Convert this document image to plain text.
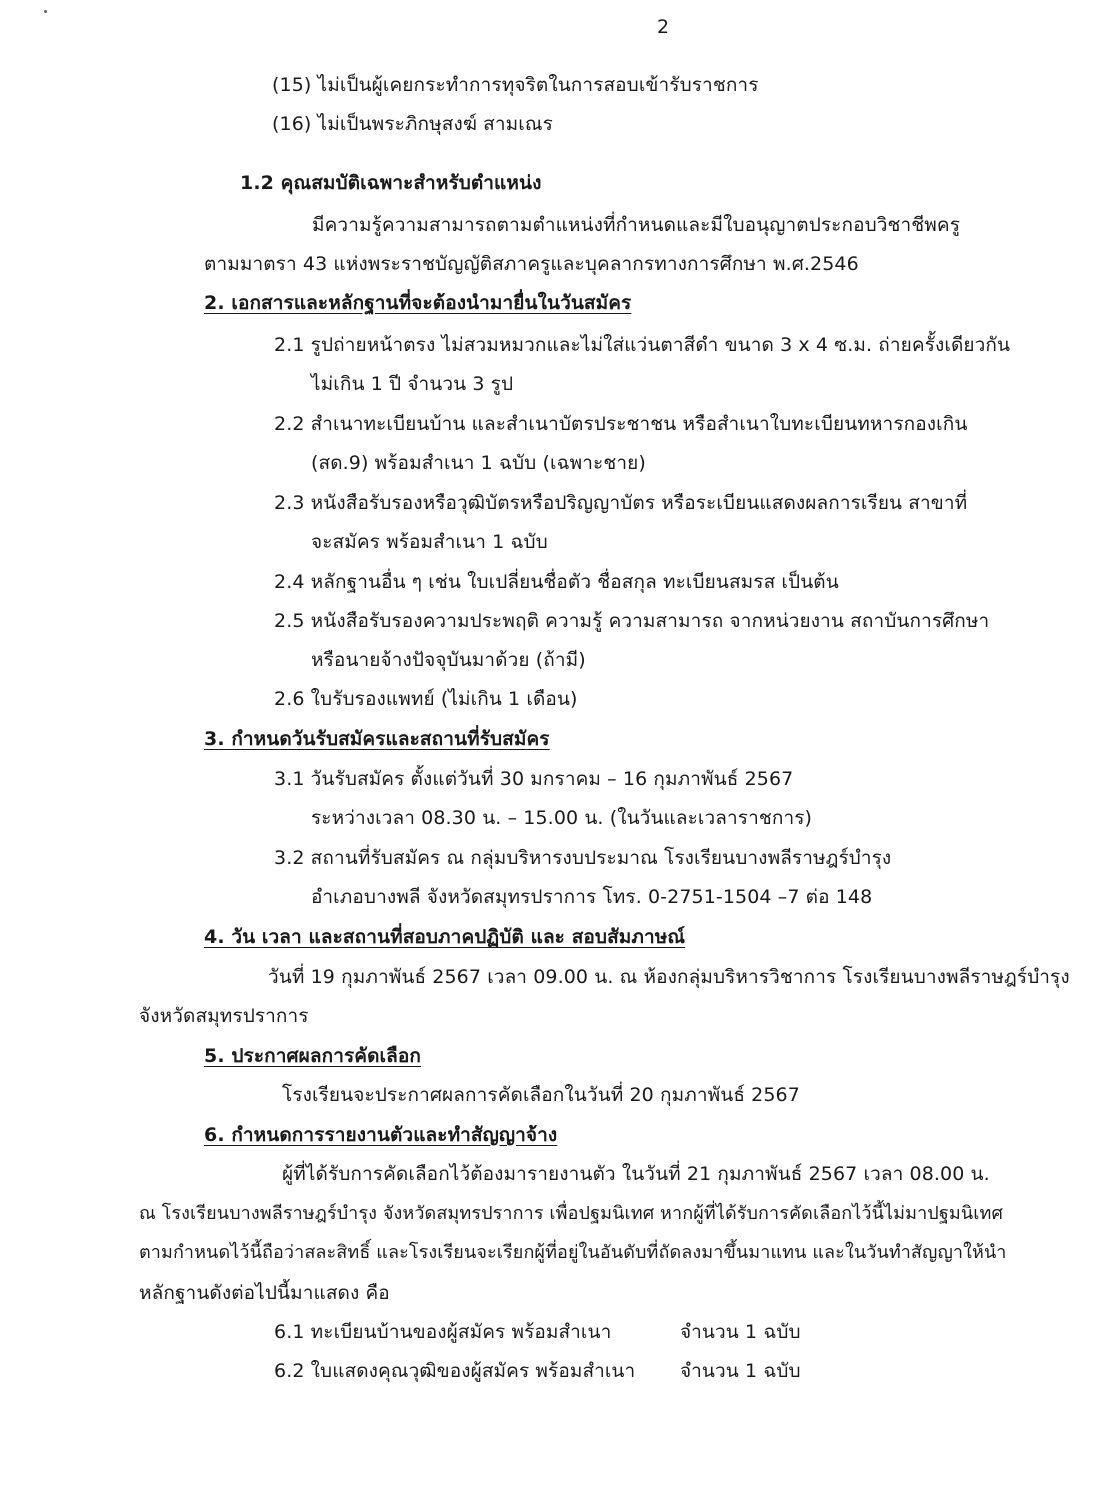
2
(15) ไม่เป็นผู้เคยกระทำการทุจริตในการสอบเข้ารับราชการ
(16) ไม่เป็นพระภิกษุสงฆ์ สามเณร
1.2 คุณสมบัติเฉพาะสำหรับตำแหน่ง
มีความรู้ความสามารถตามตำแหน่งที่กำหนดและมีใบอนุญาตประกอบวิชาชีพครู
ตามมาตรา 43 แห่งพระราชบัญญัติสภาครูและบุคลากรทางการศึกษา พ.ศ.2546
2. เอกสารและหลักฐานที่จะต้องนำมายื่นในวันสมัคร
2.1 รูปถ่ายหน้าตรง ไม่สวมหมวกและไม่ใส่แว่นตาสีดำ ขนาด 3 x 4 ซ.ม. ถ่ายครั้งเดียวกัน
ไม่เกิน 1 ปี จำนวน 3 รูป
2.2 สำเนาทะเบียนบ้าน และสำเนาบัตรประชาชน หรือสำเนาใบทะเบียนทหารกองเกิน
(สด.9) พร้อมสำเนา 1 ฉบับ (เฉพาะชาย)
2.3 หนังสือรับรองหรือวุฒิบัตรหรือปริญญาบัตร หรือระเบียนแสดงผลการเรียน สาขาที่
จะสมัคร พร้อมสำเนา 1 ฉบับ
2.4 หลักฐานอื่น ๆ เช่น ใบเปลี่ยนชื่อตัว ชื่อสกุล ทะเบียนสมรส เป็นต้น
2.5 หนังสือรับรองความประพฤติ ความรู้ ความสามารถ จากหน่วยงาน สถาบันการศึกษา
หรือนายจ้างปัจจุบันมาด้วย (ถ้ามี)
2.6 ใบรับรองแพทย์ (ไม่เกิน 1 เดือน)
3. กำหนดวันรับสมัครและสถานที่รับสมัคร
3.1 วันรับสมัคร ตั้งแต่วันที่ 30 มกราคม – 16 กุมภาพันธ์ 2567
ระหว่างเวลา 08.30 น. – 15.00 น. (ในวันและเวลาราชการ)
3.2 สถานที่รับสมัคร ณ กลุ่มบริหารงบประมาณ โรงเรียนบางพลีราษฎร์บำรุง
อำเภอบางพลี จังหวัดสมุทรปราการ โทร. 0-2751-1504 –7 ต่อ 148
4. วัน เวลา และสถานที่สอบภาคปฏิบัติ และ สอบสัมภาษณ์
วันที่ 19 กุมภาพันธ์ 2567 เวลา 09.00 น. ณ ห้องกลุ่มบริหารวิชาการ โรงเรียนบางพลีราษฎร์บำรุง
จังหวัดสมุทรปราการ
5. ประกาศผลการคัดเลือก
โรงเรียนจะประกาศผลการคัดเลือกในวันที่ 20 กุมภาพันธ์ 2567
6. กำหนดการรายงานตัวและทำสัญญาจ้าง
ผู้ที่ได้รับการคัดเลือกไว้ต้องมารายงานตัว ในวันที่ 21 กุมภาพันธ์ 2567 เวลา 08.00 น.
ณ โรงเรียนบางพลีราษฎร์บำรุง จังหวัดสมุทรปราการ เพื่อปฐมนิเทศ หากผู้ที่ได้รับการคัดเลือกไว้นี้ไม่มาปฐมนิเทศ
ตามกำหนดไว้นี้ถือว่าสละสิทธิ์ และโรงเรียนจะเรียกผู้ที่อยู่ในอันดับที่ถัดลงมาขึ้นมาแทน และในวันทำสัญญาให้นำ
หลักฐานดังต่อไปนี้มาแสดง คือ
6.1 ทะเบียนบ้านของผู้สมัคร พร้อมสำเนา	จำนวน 1 ฉบับ
6.2 ใบแสดงคุณวุฒิของผู้สมัคร พร้อมสำเนา จำนวน 1 ฉบับ
